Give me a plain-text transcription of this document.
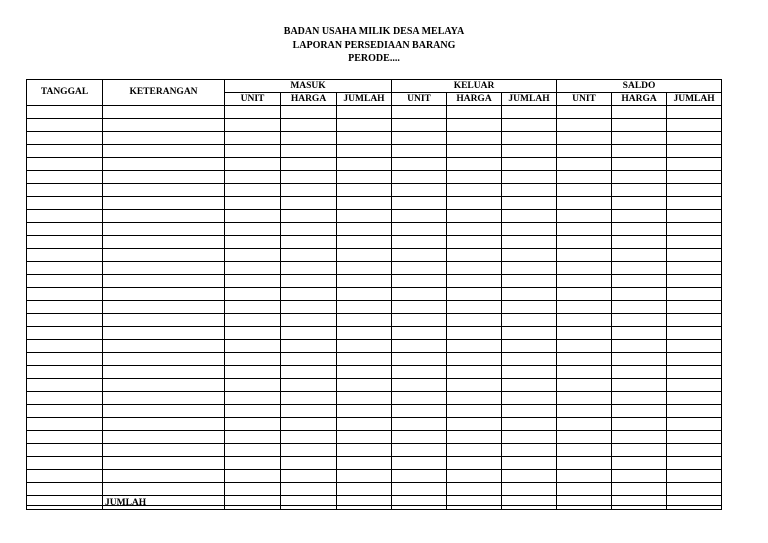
BADAN USAHA MILIK DESA MELAYA
LAPORAN PERSEDIAAN BARANG
PERODE....
TANGGAL	KETERANGAN	MASUK			KELUAR			SALDO		
		UNIT	HARGA	JUMLAH	UNIT	HARGA	JUMLAH	UNIT	HARGA	JUMLAH

	JUMLAH									
